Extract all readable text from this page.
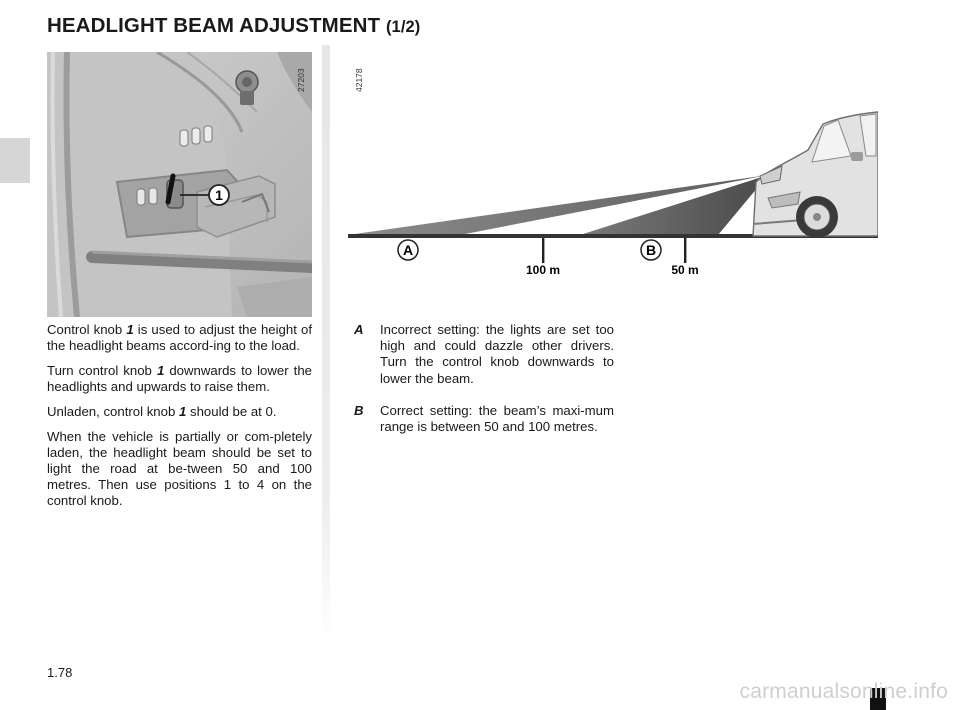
HEADLIGHT BEAM ADJUSTMENT (1/2)
1
27203
A	B
100 m	50 m
42178

Control knob 1 is used to adjust the height of the headlight beams accord-ing to the load.

Turn control knob 1 downwards to lower the headlights and upwards to raise them.

Unladen, control knob 1 should be at 0.

When the vehicle is partially or com-pletely laden, the headlight beam should be set to light the road at be-tween 50 and 100 metres. Then use positions 1 to 4 on the control knob.

A Incorrect setting: the lights are set too high and could dazzle other drivers. Turn the control knob downwards to lower the beam.
B Correct setting: the beam’s maxi-mum range is between 50 and 100 metres.
1.78
carmanualsonline.info
